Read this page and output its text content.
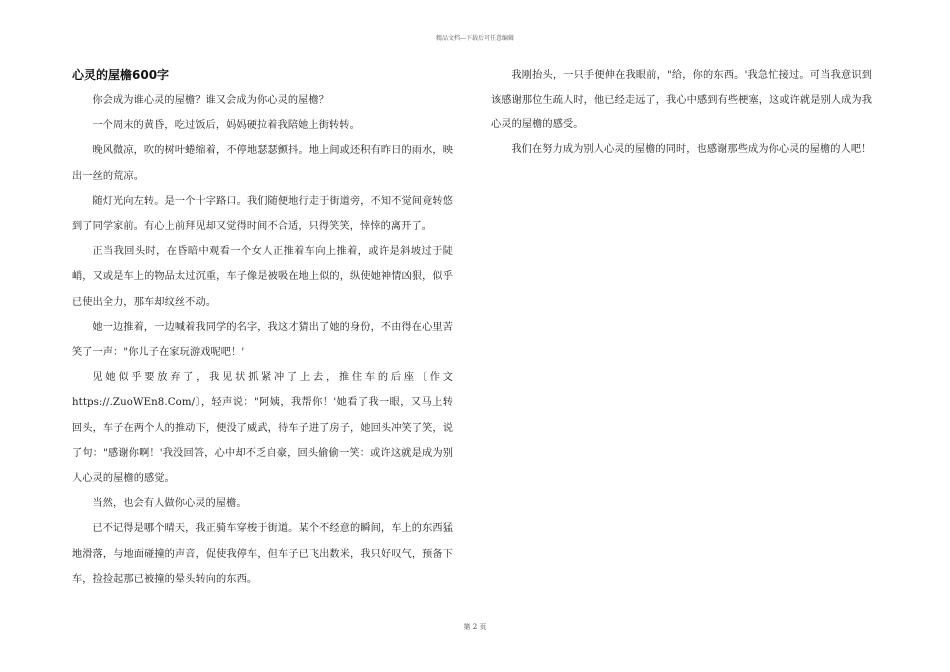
精品文档---下载后可任意编辑
心灵的屋檐600字

你会成为谁心灵的屋檐？谁又会成为你心灵的屋檐？

一个周末的黄昏，吃过饭后，妈妈硬拉着我陪她上街转转。

晚风微凉，吹的树叶蜷缩着，不停地瑟瑟颤抖。地上间或还积有昨日的雨水，映出一丝的荒凉。

随灯光向左转。是一个十字路口。我们随便地行走于街道旁，不知不觉间竟转悠到了同学家前。有心上前拜见却又觉得时间不合适，只得笑笑，悻悻的离开了。

正当我回头时，在昏暗中观看一个女人正推着车向上推着，或许是斜坡过于陡峭，又或是车上的物品太过沉重，车子像是被吸在地上似的，纵使她神情凶狠，似乎已使出全力，那车却纹丝不动。

她一边推着，一边喊着我同学的名字，我这才猜出了她的身份，不由得在心里苦笑了一声："你儿子在家玩游戏呢吧！'

见她似乎要放弃了，我见状抓紧冲了上去，推住车的后座〔作文https://.ZuoWEn8.Com/〕，轻声说："阿姨，我帮你！'她看了我一眼，又马上转回头，车子在两个人的推动下，便没了威武，待车子进了房子，她回头冲笑了笑，说了句："感谢你啊！'我没回答，心中却不乏自豪，回头偷偷一笑：或许这就是成为别人心灵的屋檐的感觉。

当然，也会有人做你心灵的屋檐。

已不记得是哪个晴天，我正骑车穿梭于街道。某个不经意的瞬间，车上的东西猛地滑落，与地面碰撞的声音，促使我停车，但车子已飞出数米，我只好叹气，预备下车，捡捡起那已被撞的晕头转向的东西。

我刚抬头，一只手便伸在我眼前，"给，你的东西。'我急忙接过。可当我意识到该感谢那位生疏人时，他已经走远了，我心中感到有些梗塞，这或许就是别人成为我心灵的屋檐的感受。

我们在努力成为别人心灵的屋檐的同时，也感谢那些成为你心灵的屋檐的人吧！

第 2 页
